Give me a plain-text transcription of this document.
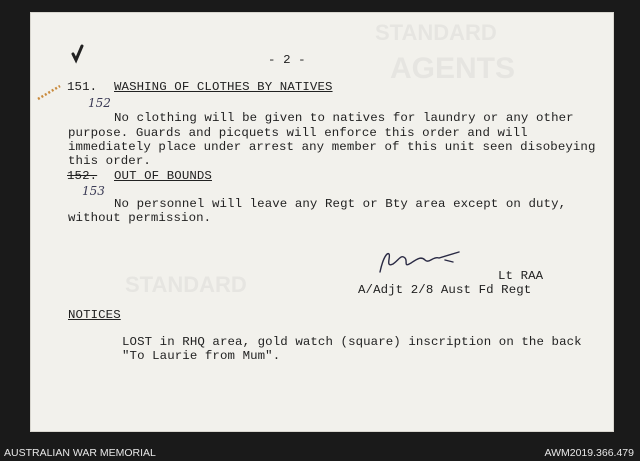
STANDARD
AGENTS
STANDARD
- 2 -
151. WASHING OF CLOTHES BY NATIVES
152
No clothing will be given to natives for laundry or any other
purpose. Guards and picquets will enforce this order and will
immediately place under arrest any member of this unit seen disobeying
this order.
152. OUT OF BOUNDS
153
No personnel will leave any Regt or Bty area except on duty,
without permission.
Lt RAA
A/Adjt 2/8 Aust Fd Regt
NOTICES
LOST in RHQ area, gold watch (square) inscription on the back
"To Laurie from Mum".
AUSTRALIAN WAR MEMORIAL	AWM2019.366.479
